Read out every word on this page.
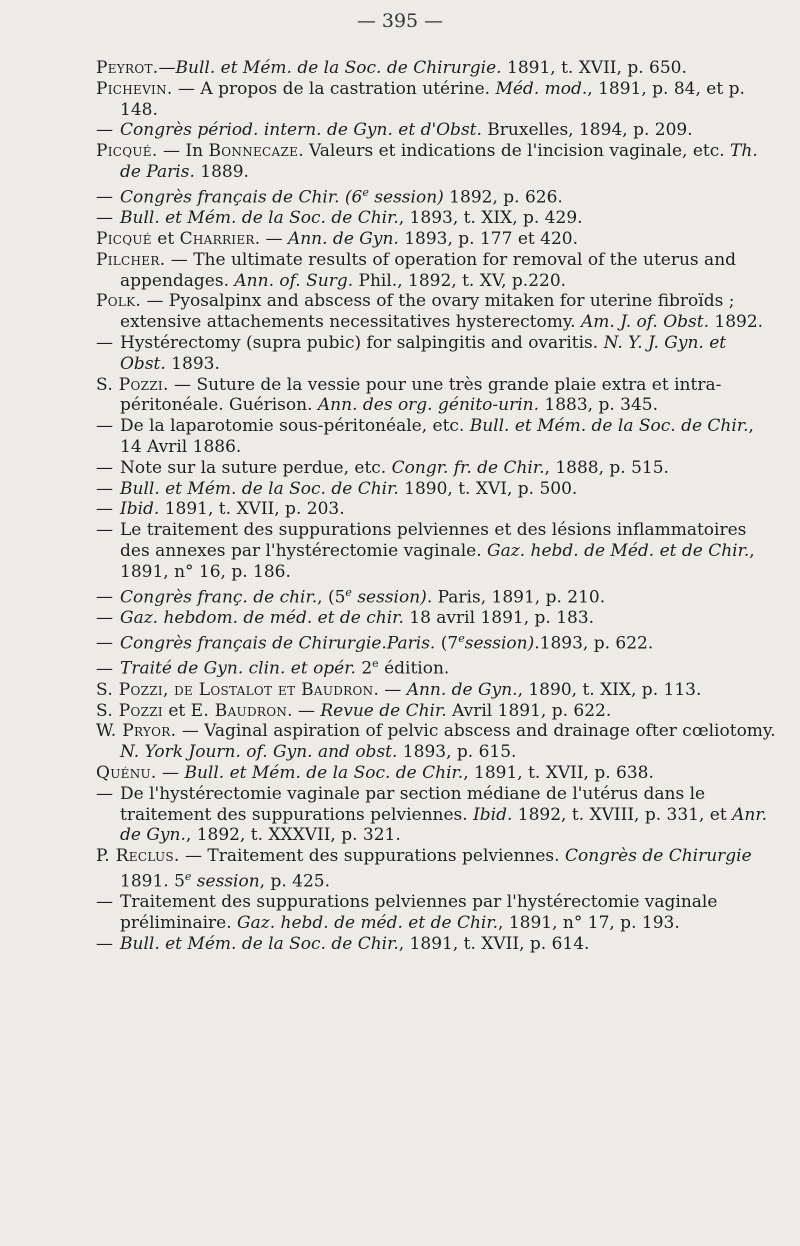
— 395 —

Peyrot.—Bull. et Mém. de la Soc. de Chirurgie. 1891, t. XVII, p. 650.

Pichevin. — A propos de la castration utérine. Méd. mod., 1891, p. 84, et p. 148.

— Congrès périod. intern. de Gyn. et d'Obst. Bruxelles, 1894, p. 209.

Picqué. — In Bonnecaze. Valeurs et indications de l'incision vaginale, etc. Th. de Paris. 1889.

— Congrès français de Chir. (6e session) 1892, p. 626.

— Bull. et Mém. de la Soc. de Chir., 1893, t. XIX, p. 429.

Picqué et Charrier. — Ann. de Gyn. 1893, p. 177 et 420.

Pilcher. — The ultimate results of operation for removal of the uterus and appendages. Ann. of. Surg. Phil., 1892, t. XV, p.220.

Polk. — Pyosalpinx and abscess of the ovary mitaken for uterine fibroïds ; extensive attachements necessitatives hysterectomy. Am. J. of. Obst. 1892.

— Hystérectomy (supra pubic) for salpingitis and ovaritis. N. Y. J. Gyn. et Obst. 1893.

S. Pozzi. — Suture de la vessie pour une très grande plaie extra et intra-péritonéale. Guérison. Ann. des org. génito-urin. 1883, p. 345.

— De la laparotomie sous-péritonéale, etc. Bull. et Mém. de la Soc. de Chir., 14 Avril 1886.

— Note sur la suture perdue, etc. Congr. fr. de Chir., 1888, p. 515.

— Bull. et Mém. de la Soc. de Chir. 1890, t. XVI, p. 500.

— Ibid. 1891, t. XVII, p. 203.

— Le traitement des suppurations pelviennes et des lésions inflammatoires des annexes par l'hystérectomie vaginale. Gaz. hebd. de Méd. et de Chir., 1891, n° 16, p. 186.

— Congrès franç. de chir., (5e session). Paris, 1891, p. 210.

— Gaz. hebdom. de méd. et de chir. 18 avril 1891, p. 183.

— Congrès français de Chirurgie.Paris. (7esession).1893, p. 622.

— Traité de Gyn. clin. et opér. 2e édition.

S. Pozzi, de Lostalot et Baudron. — Ann. de Gyn., 1890, t. XIX, p. 113.

S. Pozzi et E. Baudron. — Revue de Chir. Avril 1891, p. 622.

W. Pryor. — Vaginal aspiration of pelvic abscess and drainage ofter cœliotomy. N. York Journ. of. Gyn. and obst. 1893, p. 615.

Quénu. — Bull. et Mém. de la Soc. de Chir., 1891, t. XVII, p. 638.

— De l'hystérectomie vaginale par section médiane de l'utérus dans le traitement des suppurations pelviennes. Ibid. 1892, t. XVIII, p. 331, et Anr. de Gyn., 1892, t. XXXVII, p. 321.

P. Reclus. — Traitement des suppurations pelviennes. Congrès de Chirurgie 1891. 5e session, p. 425.

— Traitement des suppurations pelviennes par l'hystérectomie vaginale préliminaire. Gaz. hebd. de méd. et de Chir., 1891, n° 17, p. 193.

— Bull. et Mém. de la Soc. de Chir., 1891, t. XVII, p. 614.
